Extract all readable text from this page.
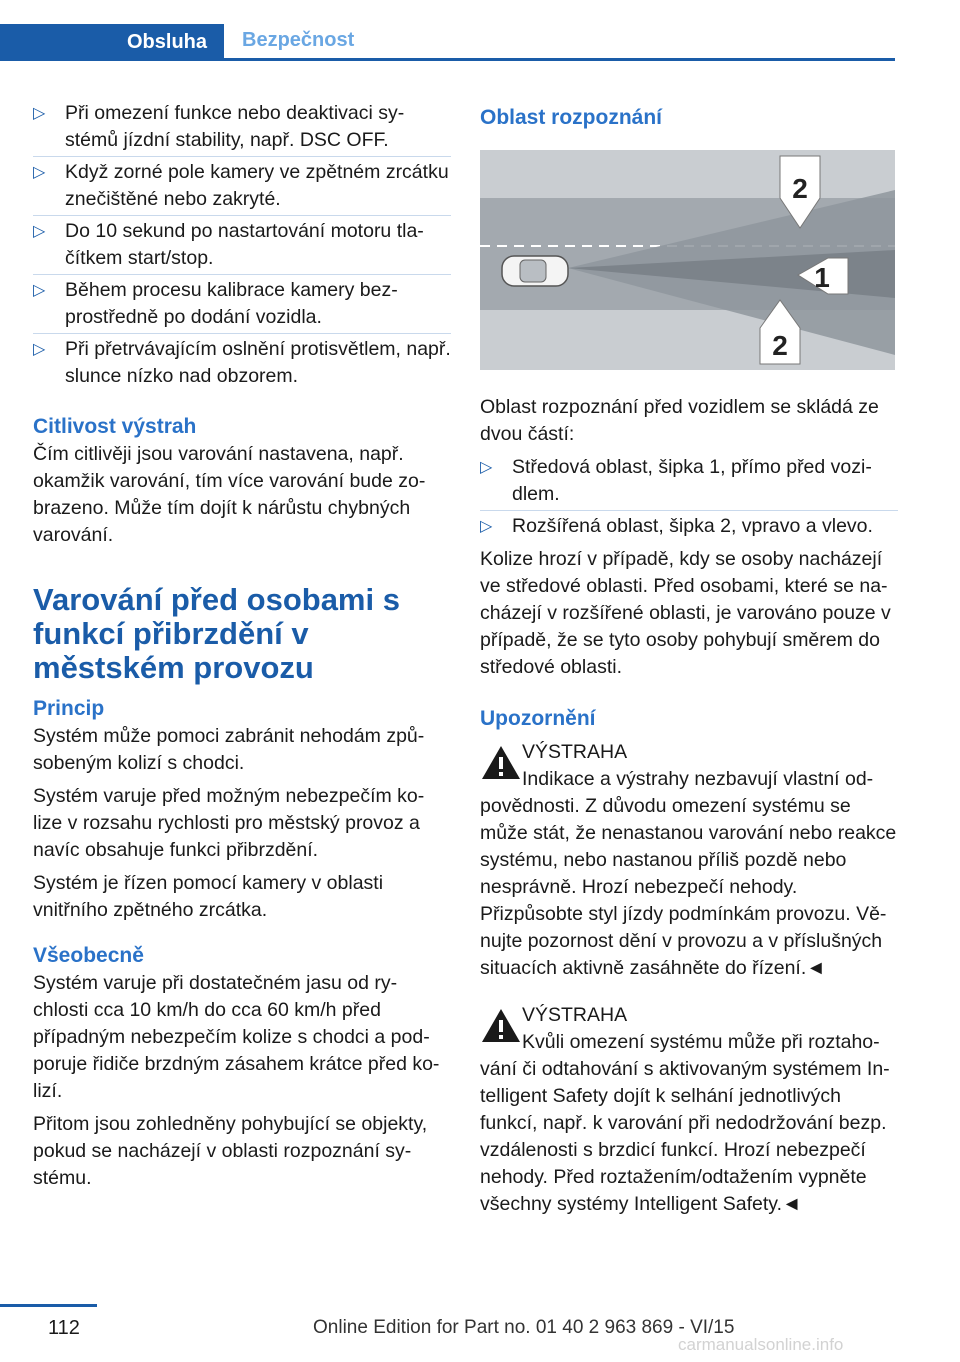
Obsluha	Bezpečnost
▷ Při omezení funkce nebo deaktivaci sy-stémů jízdní stability, např. DSC OFF.
▷ Když zorné pole kamery ve zpětném zrcátku znečištěné nebo zakryté.
▷ Do 10 sekund po nastartování motoru tla-čítkem start/stop.
▷ Během procesu kalibrace kamery bez-prostředně po dodání vozidla.
▷ Při přetrvávajícím oslnění protisvětlem, např. slunce nízko nad obzorem.
Citlivost výstrah

Čím citlivěji jsou varování nastavena, např. okamžik varování, tím více varování bude zo-brazeno. Může tím dojít k nárůstu chybných varování.

Varování před osobami s funkcí přibrzdění v městském provozu
Princip

Systém může pomoci zabránit nehodám způ-sobeným kolizí s chodci.

Systém varuje před možným nebezpečím ko-lize v rozsahu rychlosti pro městský provoz a navíc obsahuje funkci přibrzdění.

Systém je řízen pomocí kamery v oblasti vnitřního zpětného zrcátka.

Všeobecně

Systém varuje při dostatečném jasu od ry-chlosti cca 10 km/h do cca 60 km/h před případným nebezpečím kolize s chodci a pod-poruje řidiče brzdným zásahem krátce před ko-lizí.

Přitom jsou zohledněny pohybující se objekty, pokud se nacházejí v oblasti rozpoznání sy-stému.

Oblast rozpoznání
2
1
2

Oblast rozpoznání před vozidlem se skládá ze dvou částí:

▷ Středová oblast, šipka 1, přímo před vozi-dlem.
▷ Rozšířená oblast, šipka 2, vpravo a vlevo.

Kolize hrozí v případě, kdy se osoby nacházejí ve středové oblasti. Před osobami, které se na-cházejí v rozšířené oblasti, je varováno pouze v případě, že se tyto osoby pohybují směrem do středové oblasti.

Upozornění
VÝSTRAHA
Indikace a výstrahy nezbavují vlastní od-povědnosti. Z důvodu omezení systému se může stát, že nenastanou varování nebo reakce systému, nebo nastanou příliš pozdě nebo nesprávně. Hrozí nebezpečí nehody. Přizpůsobte styl jízdy podmínkám provozu. Vě-nujte pozornost dění v provozu a v příslušných situacích aktivně zasáhněte do řízení.◄
VÝSTRAHA
Kvůli omezení systému může při roztaho-vání či odtahování s aktivovaným systémem In-telligent Safety dojít k selhání jednotlivých funkcí, např. k varování při nedodržování bezp. vzdálenosti s brzdicí funkcí. Hrozí nebezpečí nehody. Před roztažením/odtažením vypněte všechny systémy Intelligent Safety.◄
112	Online Edition for Part no. 01 40 2 963 869 - VI/15
carmanualsonline.info
